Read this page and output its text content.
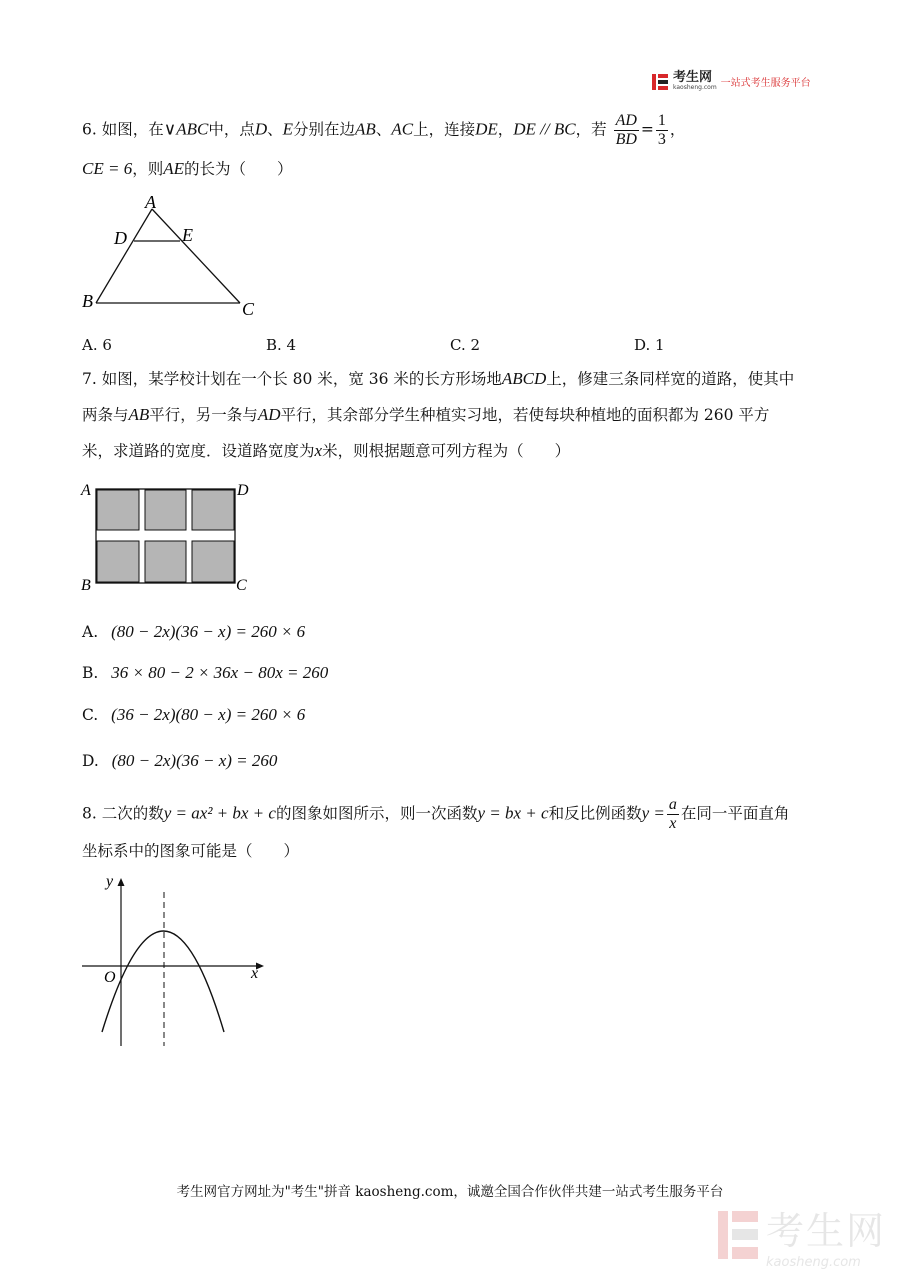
考生网
kaosheng.com 一站式考生服务平台
6. 如图，在∨ABC中，点D、E分别在边AB、AC上，连接DE，DE // BC，若 $\frac{AD}{BD} = \frac{1}{3}$ ，
CE = 6，则AE的长为（　　）
A
D	E
B	C
A. 6	B. 4	C. 2	D. 1
7. 如图，某学校计划在一个长 80 米，宽 36 米的长方形场地ABCD上，修建三条同样宽的道路，使其中
两条与AB平行，另一条与AD平行，其余部分学生种植实习地，若使每块种植地的面积都为 260 平方
米，求道路的宽度．设道路宽度为x米，则根据题意可列方程为（　　）
A	D
B	C
A. (80 − 2x)(36 − x) = 260 × 6
B. 36 × 80 − 2 × 36x − 80x = 260
C. (36 − 2x)(80 − x) = 260 × 6
D. (80 − 2x)(36 − x) = 260
8. 二次的数y = ax² + bx + c的图象如图所示，则一次函数y = bx + c和反比例函数$y = \frac{a}{x}$ 在同一平面直角
坐标系中的图象可能是（　　）
y
x
O
考生网官方网址为"考生"拼音 kaosheng.com，诚邀全国合作伙伴共建一站式考生服务平台
考生网
kaosheng.com
